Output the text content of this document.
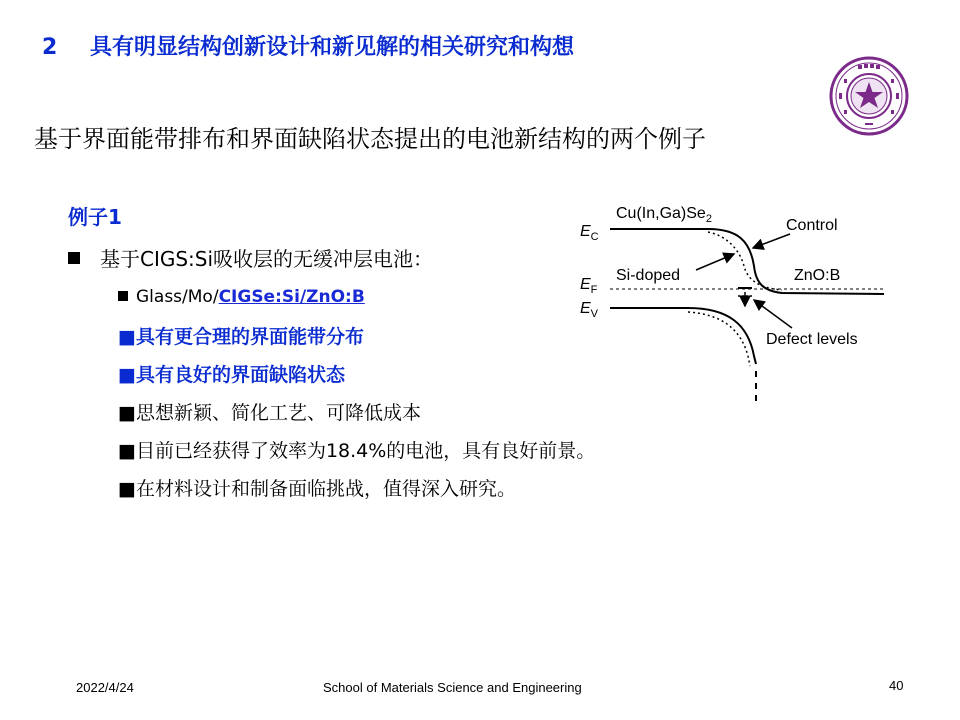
2 具有明显结构创新设计和新见解的相关研究和构想
基于界面能带排布和界面缺陷状态提出的电池新结构的两个例子
例子1
基于CIGS:Si吸收层的无缓冲层电池：
Glass/Mo/CIGSe:Si/ZnO:B
■具有更合理的界面能带分布
■具有良好的界面缺陷状态
■思想新颖、简化工艺、可降低成本
■目前已经获得了效率为18.4%的电池，具有良好前景。
■在材料设计和制备面临挑战，值得深入研究。
$Cu(In,Ga)Se_2$
ZnO:B
$E_C$
$E_F$
$E_V$
Control
Si-doped
Defect levels
2022/4/24	School of Materials Science and Engineering	40
